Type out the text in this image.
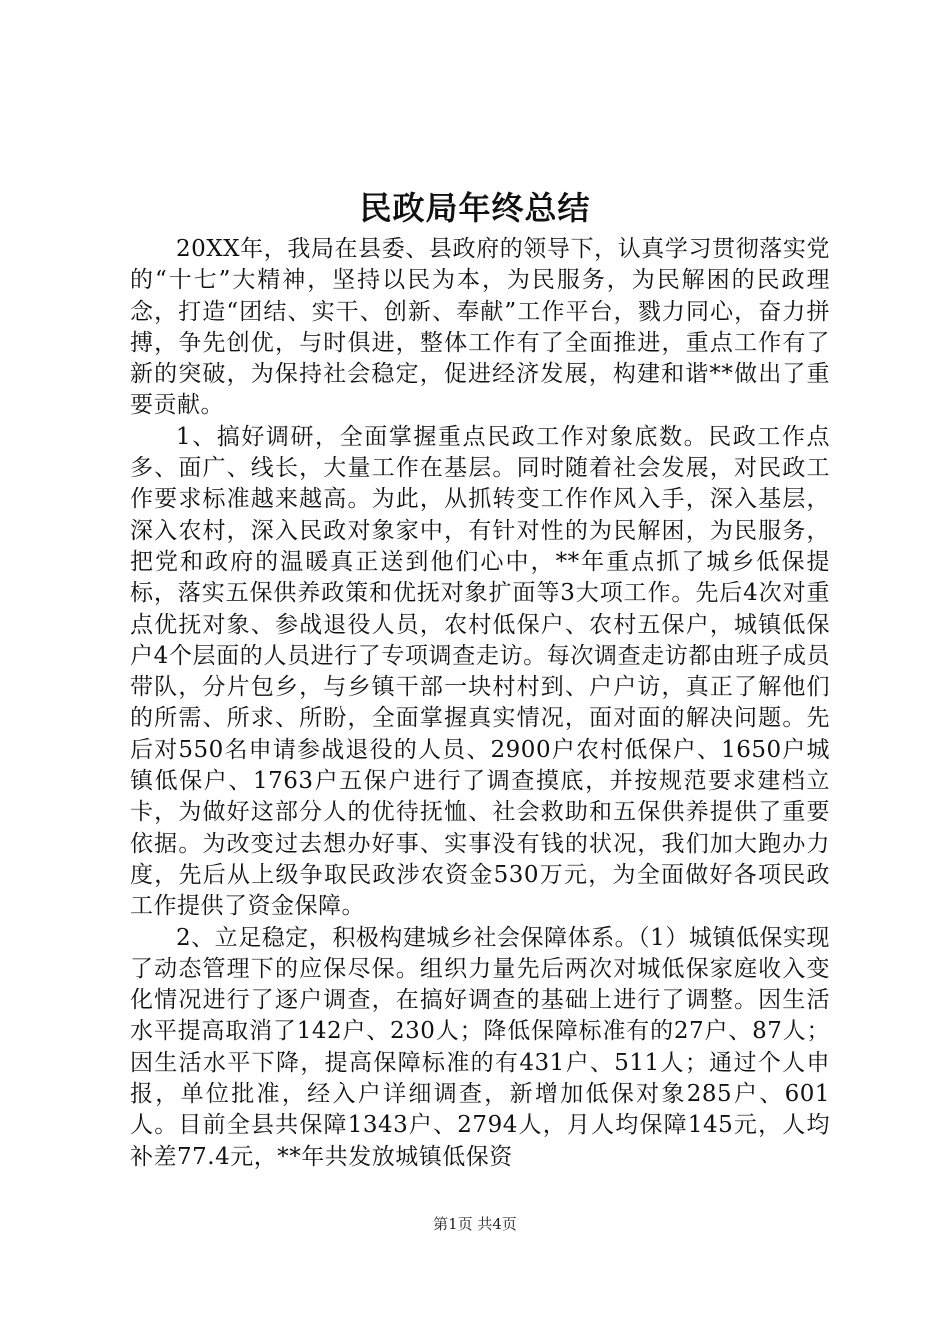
民政局年终总结

20XX年，我局在县委、县政府的领导下，认真学习贯彻落实党的“十七”大精神，坚持以民为本，为民服务，为民解困的民政理念，打造“团结、实干、创新、奉献”工作平台，戮力同心，奋力拼搏，争先创优，与时俱进，整体工作有了全面推进，重点工作有了新的突破，为保持社会稳定，促进经济发展，构建和谐**做出了重要贡献。

1、搞好调研，全面掌握重点民政工作对象底数。民政工作点多、面广、线长，大量工作在基层。同时随着社会发展，对民政工作要求标准越来越高。为此，从抓转变工作作风入手，深入基层，深入农村，深入民政对象家中，有针对性的为民解困，为民服务，把党和政府的温暖真正送到他们心中，**年重点抓了城乡低保提标，落实五保供养政策和优抚对象扩面等3大项工作。先后4次对重点优抚对象、参战退役人员，农村低保户、农村五保户，城镇低保户4个层面的人员进行了专项调查走访。每次调查走访都由班子成员带队，分片包乡，与乡镇干部一块村村到、户户访，真正了解他们的所需、所求、所盼，全面掌握真实情况，面对面的解决问题。先后对550名申请参战退役的人员、2900户农村低保户、1650户城镇低保户、1763户五保户进行了调查摸底，并按规范要求建档立卡，为做好这部分人的优待抚恤、社会救助和五保供养提供了重要依据。为改变过去想办好事、实事没有钱的状况，我们加大跑办力度，先后从上级争取民政涉农资金530万元，为全面做好各项民政工作提供了资金保障。

2、立足稳定，积极构建城乡社会保障体系。（1）城镇低保实现了动态管理下的应保尽保。组织力量先后两次对城低保家庭收入变化情况进行了逐户调查，在搞好调查的基础上进行了调整。因生活水平提高取消了142户、230人；降低保障标准有的27户、87人；因生活水平下降，提高保障标准的有431户、511人；通过个人申报，单位批准，经入户详细调查，新增加低保对象285户、601人。目前全县共保障1343户、2794人，月人均保障145元，人均补差77.4元，**年共发放城镇低保资

第1页 共4页
